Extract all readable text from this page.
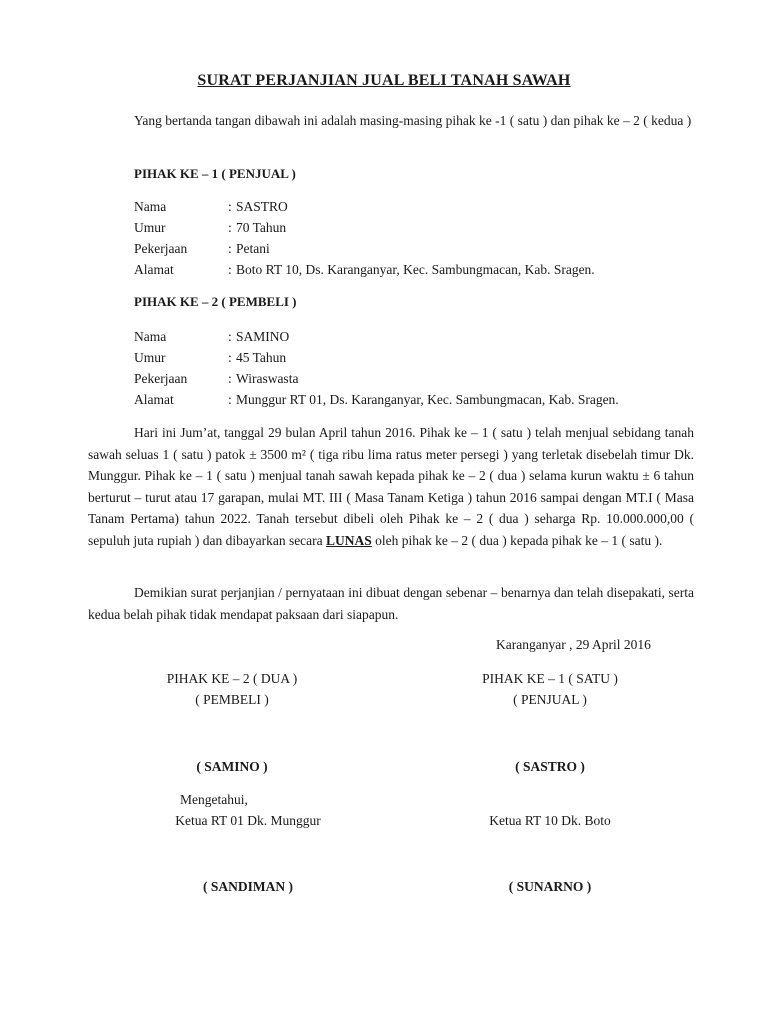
SURAT PERJANJIAN JUAL BELI TANAH SAWAH

Yang bertanda tangan dibawah ini adalah masing-masing pihak ke -1 ( satu ) dan pihak ke – 2 ( kedua )

PIHAK KE – 1 ( PENJUAL )
Nama	: SASTRO
Umur	: 70 Tahun
Pekerjaan	: Petani
Alamat	: Boto RT 10, Ds. Karanganyar, Kec. Sambungmacan, Kab. Sragen.
PIHAK KE – 2 ( PEMBELI )
Nama	: SAMINO
Umur	: 45 Tahun
Pekerjaan	: Wiraswasta
Alamat	: Munggur RT 01, Ds. Karanganyar, Kec. Sambungmacan, Kab. Sragen.

Hari ini Jum’at, tanggal 29 bulan April tahun 2016. Pihak ke – 1 ( satu ) telah menjual sebidang tanah sawah seluas 1 ( satu ) patok ± 3500 m² ( tiga ribu lima ratus meter persegi ) yang terletak disebelah timur Dk. Munggur. Pihak ke – 1 ( satu ) menjual tanah sawah kepada pihak ke – 2 ( dua ) selama kurun waktu ± 6 tahun berturut – turut atau 17 garapan, mulai MT. III ( Masa Tanam Ketiga ) tahun 2016 sampai dengan MT.I ( Masa Tanam Pertama) tahun 2022. Tanah tersebut dibeli oleh Pihak ke – 2 ( dua ) seharga Rp. 10.000.000,00 ( sepuluh juta rupiah ) dan dibayarkan secara LUNAS oleh pihak ke – 2 ( dua ) kepada pihak ke – 1 ( satu ).

Demikian surat perjanjian / pernyataan ini dibuat dengan sebenar – benarnya dan telah disepakati, serta kedua belah pihak tidak mendapat paksaan dari siapapun.

Karanganyar , 29 April 2016
PIHAK KE – 2 ( DUA )
( PEMBELI )
( SAMINO )
PIHAK KE – 1 ( SATU )
( PENJUAL )
( SASTRO )
Mengetahui,
Ketua RT 01 Dk. Munggur
( SANDIMAN )
Ketua RT 10 Dk. Boto
( SUNARNO )
